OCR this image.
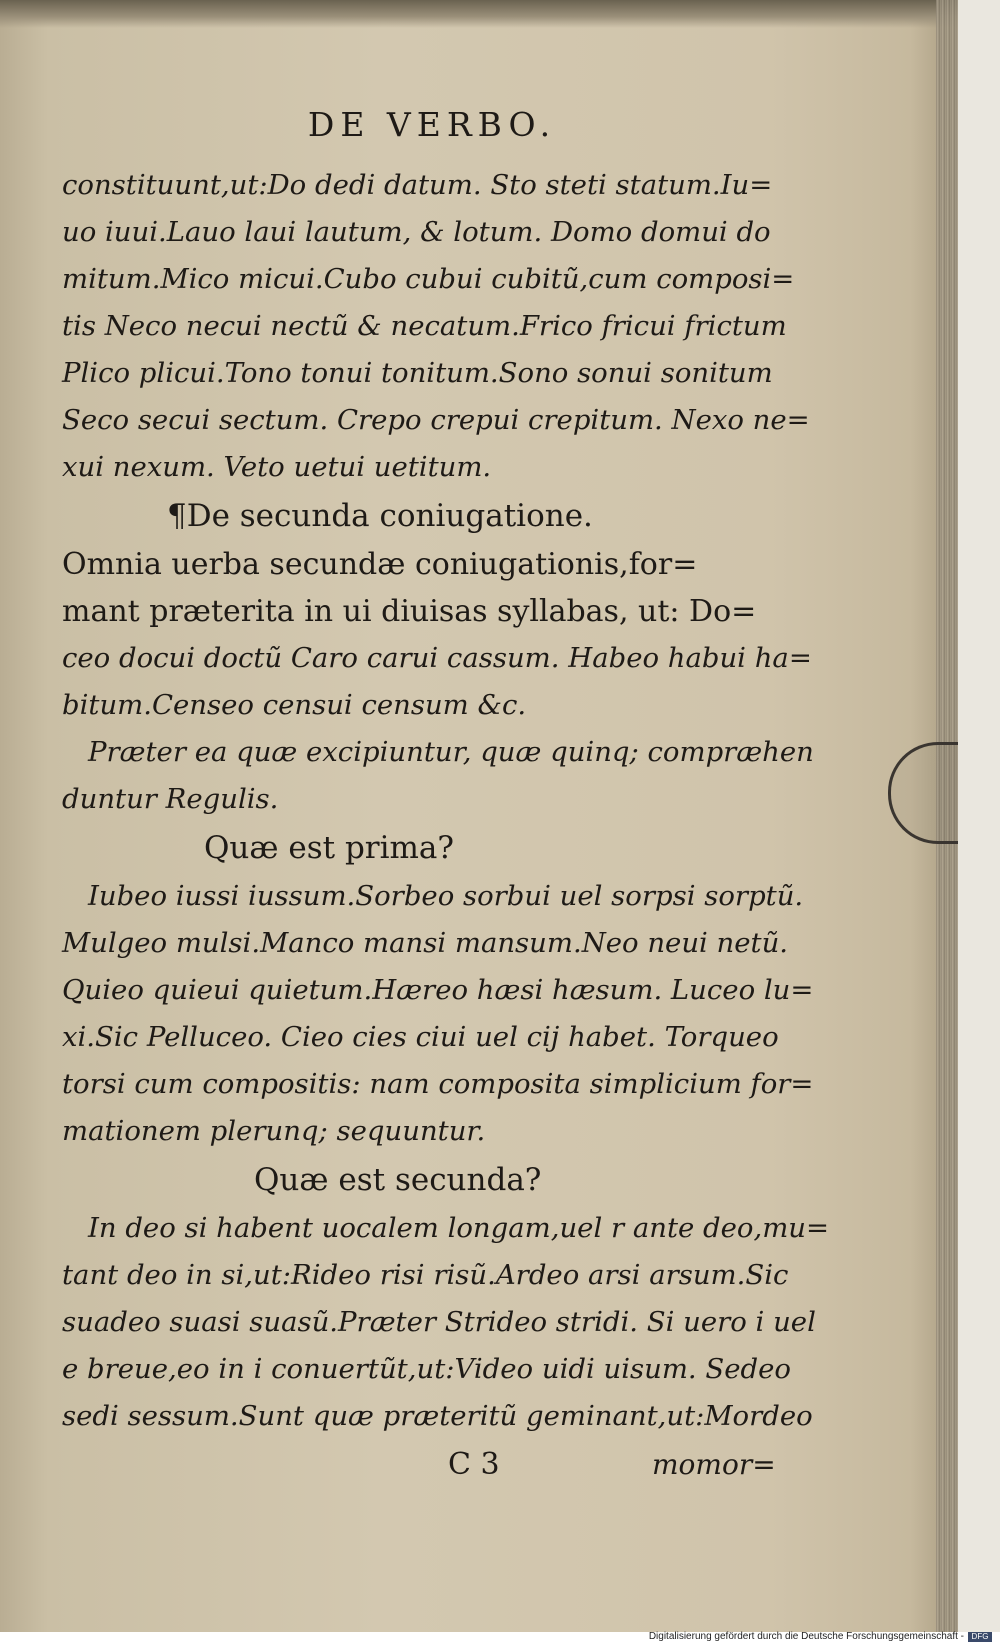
DE VERBO.
constituunt,ut:Do dedi datum. Sto steti statum.Iu=
uo iuui.Lauo laui lautum, & lotum. Domo domui do
mitum.Mico micui.Cubo cubui cubitũ,cum composi=
tis Neco necui nectũ & necatum.Frico fricui frictum
Plico plicui.Tono tonui tonitum.Sono sonui sonitum
Seco secui sectum. Crepo crepui crepitum. Nexo ne=
xui nexum. Veto uetui uetitum.
¶De secunda coniugatione.
Omnia uerba secundæ coniugationis,for=
mant præterita in ui diuisas syllabas, ut: Do=
ceo docui doctũ Caro carui cassum. Habeo habui ha=
bitum.Censeo censui censum &c.
Præter ea quæ excipiuntur, quæ quinq; compræhen
duntur Regulis.
Quæ est prima?
Iubeo iussi iussum.Sorbeo sorbui uel sorpsi sorptũ.
Mulgeo mulsi.Manco mansi mansum.Neo neui netũ.
Quieo quieui quietum.Hæreo hæsi hæsum. Luceo lu=
xi.Sic Pelluceo. Cieo cies ciui uel cij habet. Torqueo
torsi cum compositis: nam composita simplicium for=
mationem plerunq; sequuntur.
Quæ est secunda?
In deo si habent uocalem longam,uel r ante deo,mu=
tant deo in si,ut:Rideo risi risũ.Ardeo arsi arsum.Sic
suadeo suasi suasũ.Præter Strideo stridi. Si uero i uel
e breue,eo in i conuertũt,ut:Video uidi uisum. Sedeo
sedi sessum.Sunt quæ præteritũ geminant,ut:Mordeo
C 3	momor=
Digitalisierung gefördert durch die Deutsche Forschungsgemeinschaft - DFG
